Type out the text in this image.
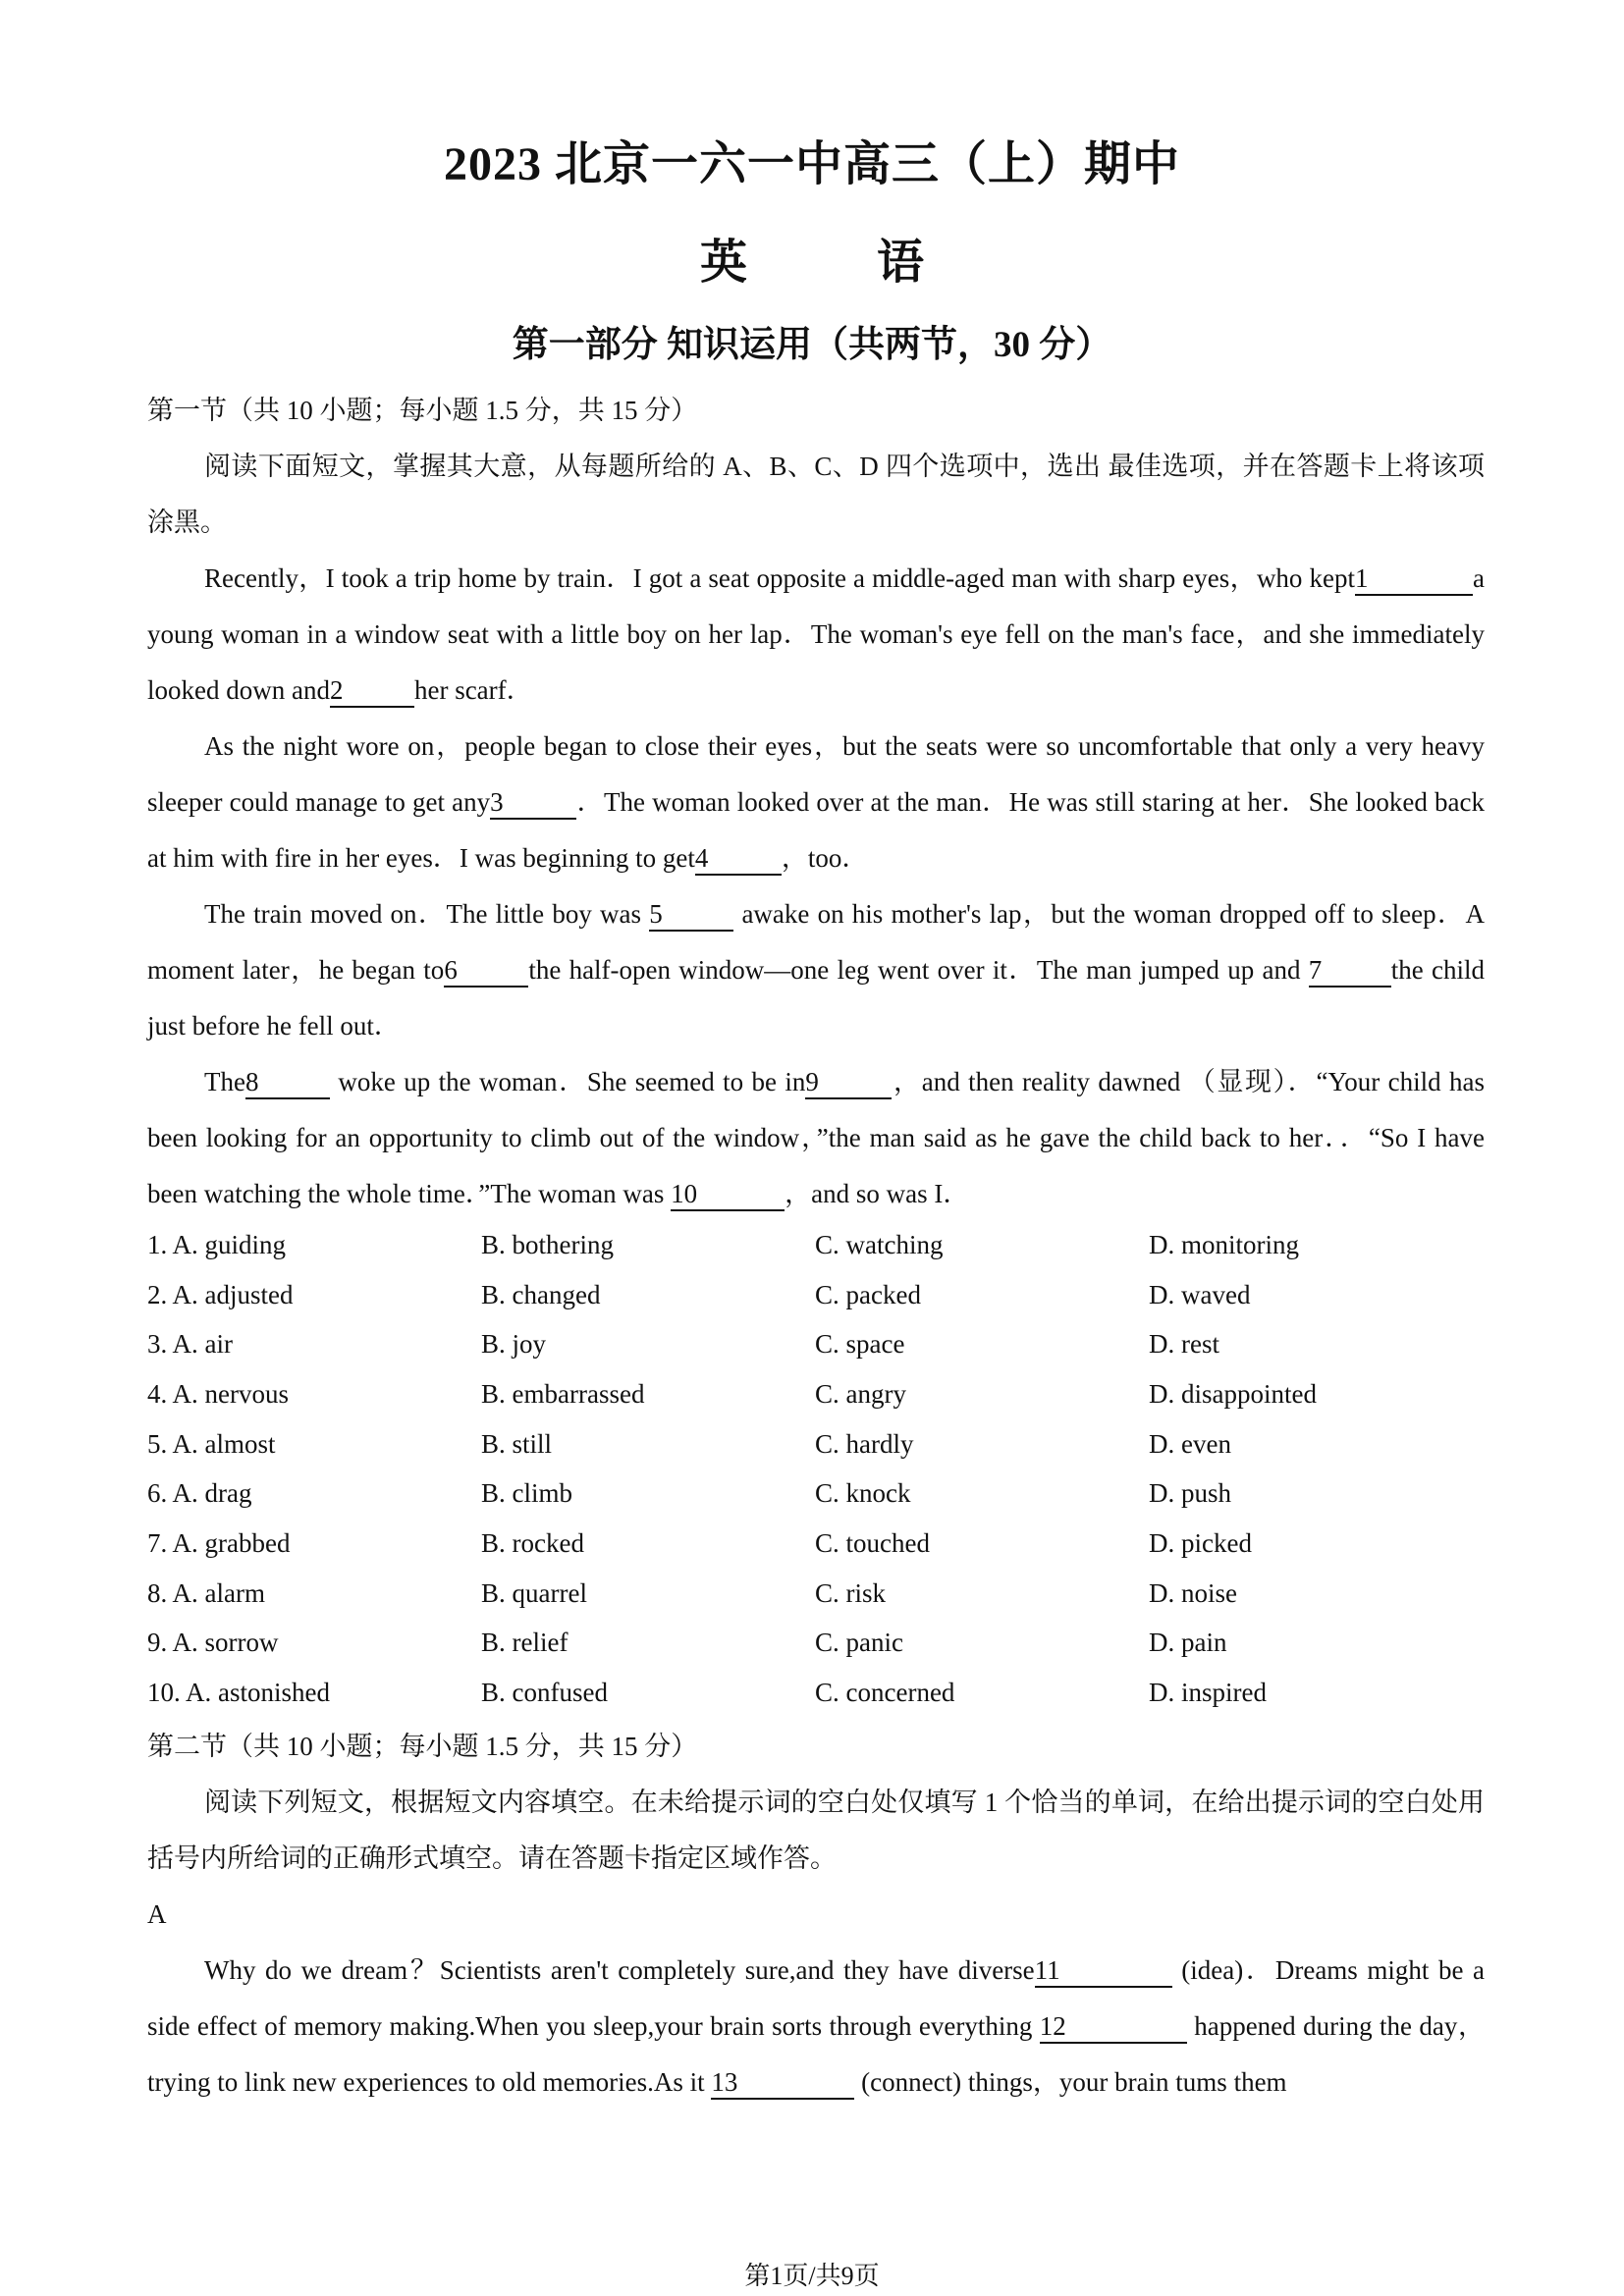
2023 北京一六一中高三（上）期中
英 语
第一部分 知识运用（共两节，30 分）
第一节（共 10 小题；每小题 1.5 分，共 15 分）

阅读下面短文，掌握其大意，从每题所给的 A、B、C、D 四个选项中，选出 最佳选项，并在答题卡上将该项涂黑。

Recently，I took a trip home by train．I got a seat opposite a middle-aged man with sharp eyes，who kept1	a young woman in a window seat with a little boy on her lap．The woman's eye fell on the man's face，and she immediately looked down and2	her scarf．

As the night wore on，people began to close their eyes，but the seats were so uncomfortable that only a very heavy sleeper could manage to get any3	．The woman looked over at the man．He was still staring at her．She looked back at him with fire in her eyes．I was beginning to get4	，too．

The train moved on．The little boy was 5	awake on his mother's lap，but the woman dropped off to sleep．A moment later，he began to6	the half-open window—one leg went over it．The man jumped up and 7	the child just before he fell out．

The8	woke up the woman．She seemed to be in9	，and then reality dawned （显现）．“Your child has been looking for an opportunity to climb out of the window，”the man said as he gave the child back to her．．“So I have been watching the whole time．”The woman was 10	，and so was I．

1. A. guiding	B. bothering	C. watching	D. monitoring
2. A. adjusted	B. changed	C. packed	D. waved
3. A. air	B. joy	C. space	D. rest
4. A. nervous	B. embarrassed	C. angry	D. disappointed
5. A. almost	B. still	C. hardly	D. even
6. A. drag	B. climb	C. knock	D. push
7. A. grabbed	B. rocked	C. touched	D. picked
8. A. alarm	B. quarrel	C. risk	D. noise
9. A. sorrow	B. relief	C. panic	D. pain
10. A. astonished	B. confused	C. concerned	D. inspired
第二节（共 10 小题；每小题 1.5 分，共 15 分）

阅读下列短文，根据短文内容填空。在未给提示词的空白处仅填写 1 个恰当的单词，在给出提示词的空白处用括号内所给词的正确形式填空。请在答题卡指定区域作答。

A

Why do we dream？Scientists aren't completely sure,and they have diverse11	(idea)．Dreams might be a side effect of memory making.When you sleep,your brain sorts through everything 12	happened during the day，trying to link new experiences to old memories.As it 13	(connect) things，your brain tums them

第1页/共9页
